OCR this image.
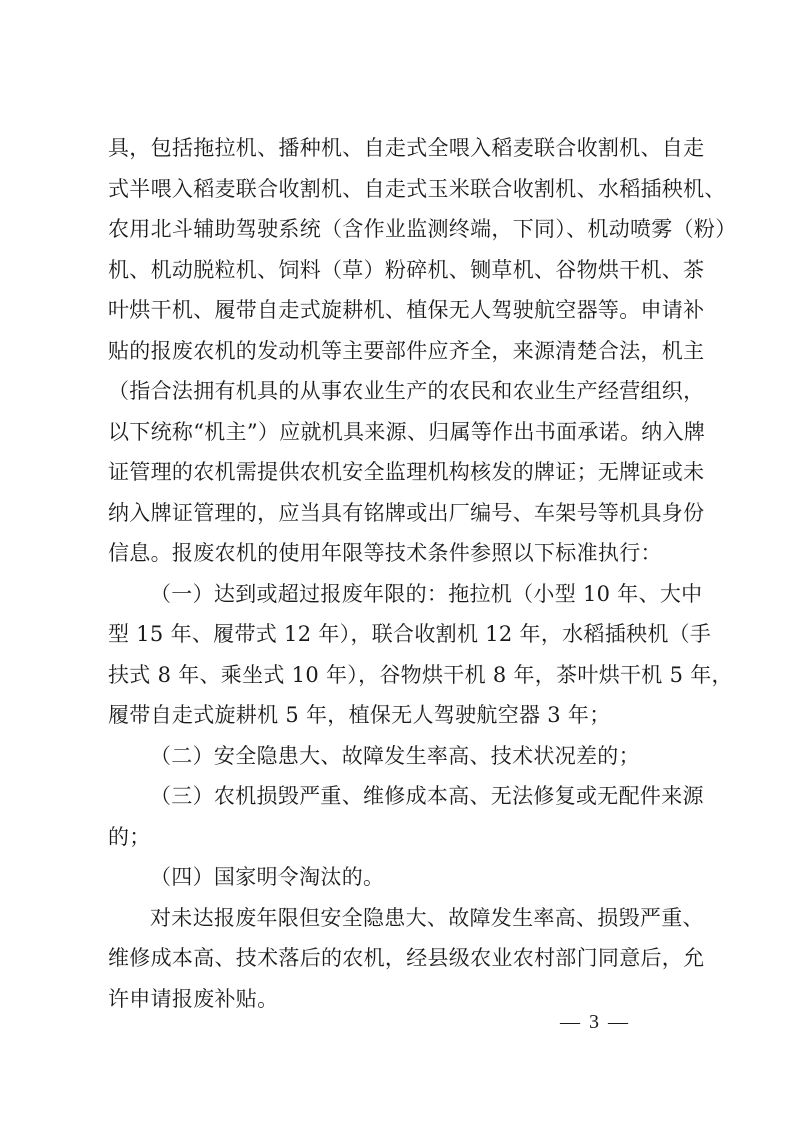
具，包括拖拉机、播种机、自走式全喂入稻麦联合收割机、自走
式半喂入稻麦联合收割机、自走式玉米联合收割机、水稻插秧机、
农用北斗辅助驾驶系统（含作业监测终端，下同）、机动喷雾（粉）
机、机动脱粒机、饲料（草）粉碎机、铡草机、谷物烘干机、茶
叶烘干机、履带自走式旋耕机、植保无人驾驶航空器等。申请补
贴的报废农机的发动机等主要部件应齐全，来源清楚合法，机主
（指合法拥有机具的从事农业生产的农民和农业生产经营组织，
以下统称“机主”）应就机具来源、归属等作出书面承诺。纳入牌
证管理的农机需提供农机安全监理机构核发的牌证；无牌证或未
纳入牌证管理的，应当具有铭牌或出厂编号、车架号等机具身份
信息。报废农机的使用年限等技术条件参照以下标准执行：
（一）达到或超过报废年限的：拖拉机（小型 10 年、大中
型 15 年、履带式 12 年），联合收割机 12 年，水稻插秧机（手
扶式 8 年、乘坐式 10 年），谷物烘干机 8 年，茶叶烘干机 5 年，
履带自走式旋耕机 5 年，植保无人驾驶航空器 3 年；
（二）安全隐患大、故障发生率高、技术状况差的；
（三）农机损毁严重、维修成本高、无法修复或无配件来源
的；
（四）国家明令淘汰的。
对未达报废年限但安全隐患大、故障发生率高、损毁严重、
维修成本高、技术落后的农机，经县级农业农村部门同意后，允
许申请报废补贴。
— 3 —
